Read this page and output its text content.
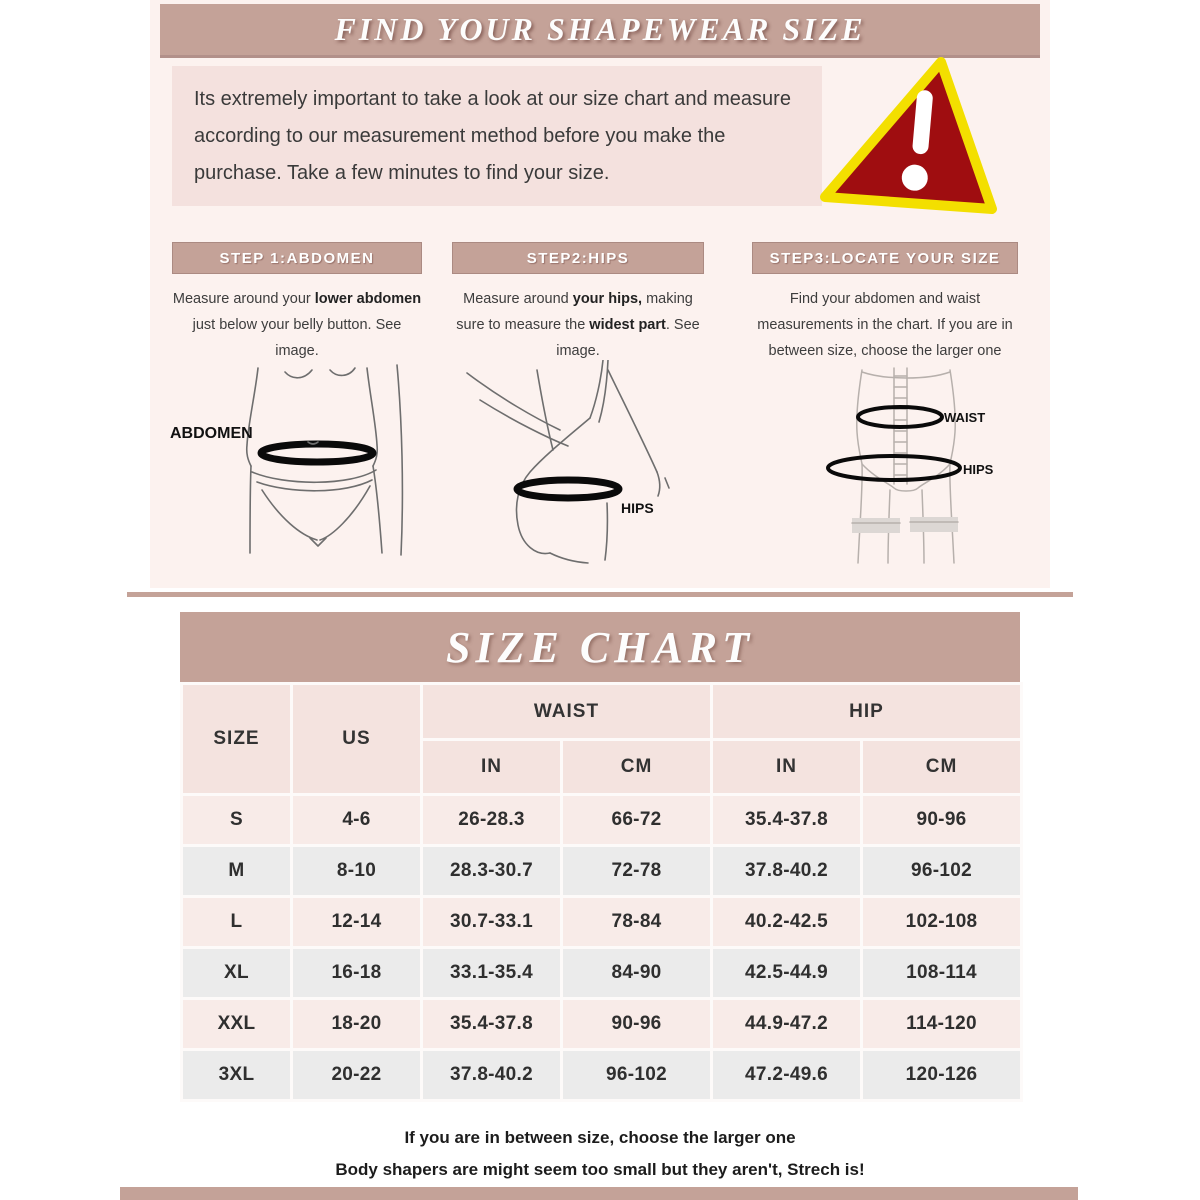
FIND YOUR SHAPEWEAR SIZE
Its extremely important to take a look at our size chart and measure according to our measurement method before you make the purchase. Take a few minutes to find your size.
STEP 1:ABDOMEN
Measure around your lower abdomen just below your belly button. See image.
STEP2:HIPS
Measure around your hips, making sure to measure the widest part. See image.
STEP3:LOCATE YOUR SIZE
Find your abdomen and waist measurements in the chart. If you are in between size, choose the larger one
ABDOMEN
HIPS
WAIST
HIPS
SIZE CHART
SIZE	US	WAIST		HIP	
		IN	CM	IN	CM
S	4-6	26-28.3	66-72	35.4-37.8	90-96
M	8-10	28.3-30.7	72-78	37.8-40.2	96-102
L	12-14	30.7-33.1	78-84	40.2-42.5	102-108
XL	16-18	33.1-35.4	84-90	42.5-44.9	108-114
XXL	18-20	35.4-37.8	90-96	44.9-47.2	114-120
3XL	20-22	37.8-40.2	96-102	47.2-49.6	120-126
If you are in between size, choose the larger one
Body shapers are might seem too small but they aren't, Strech is!
